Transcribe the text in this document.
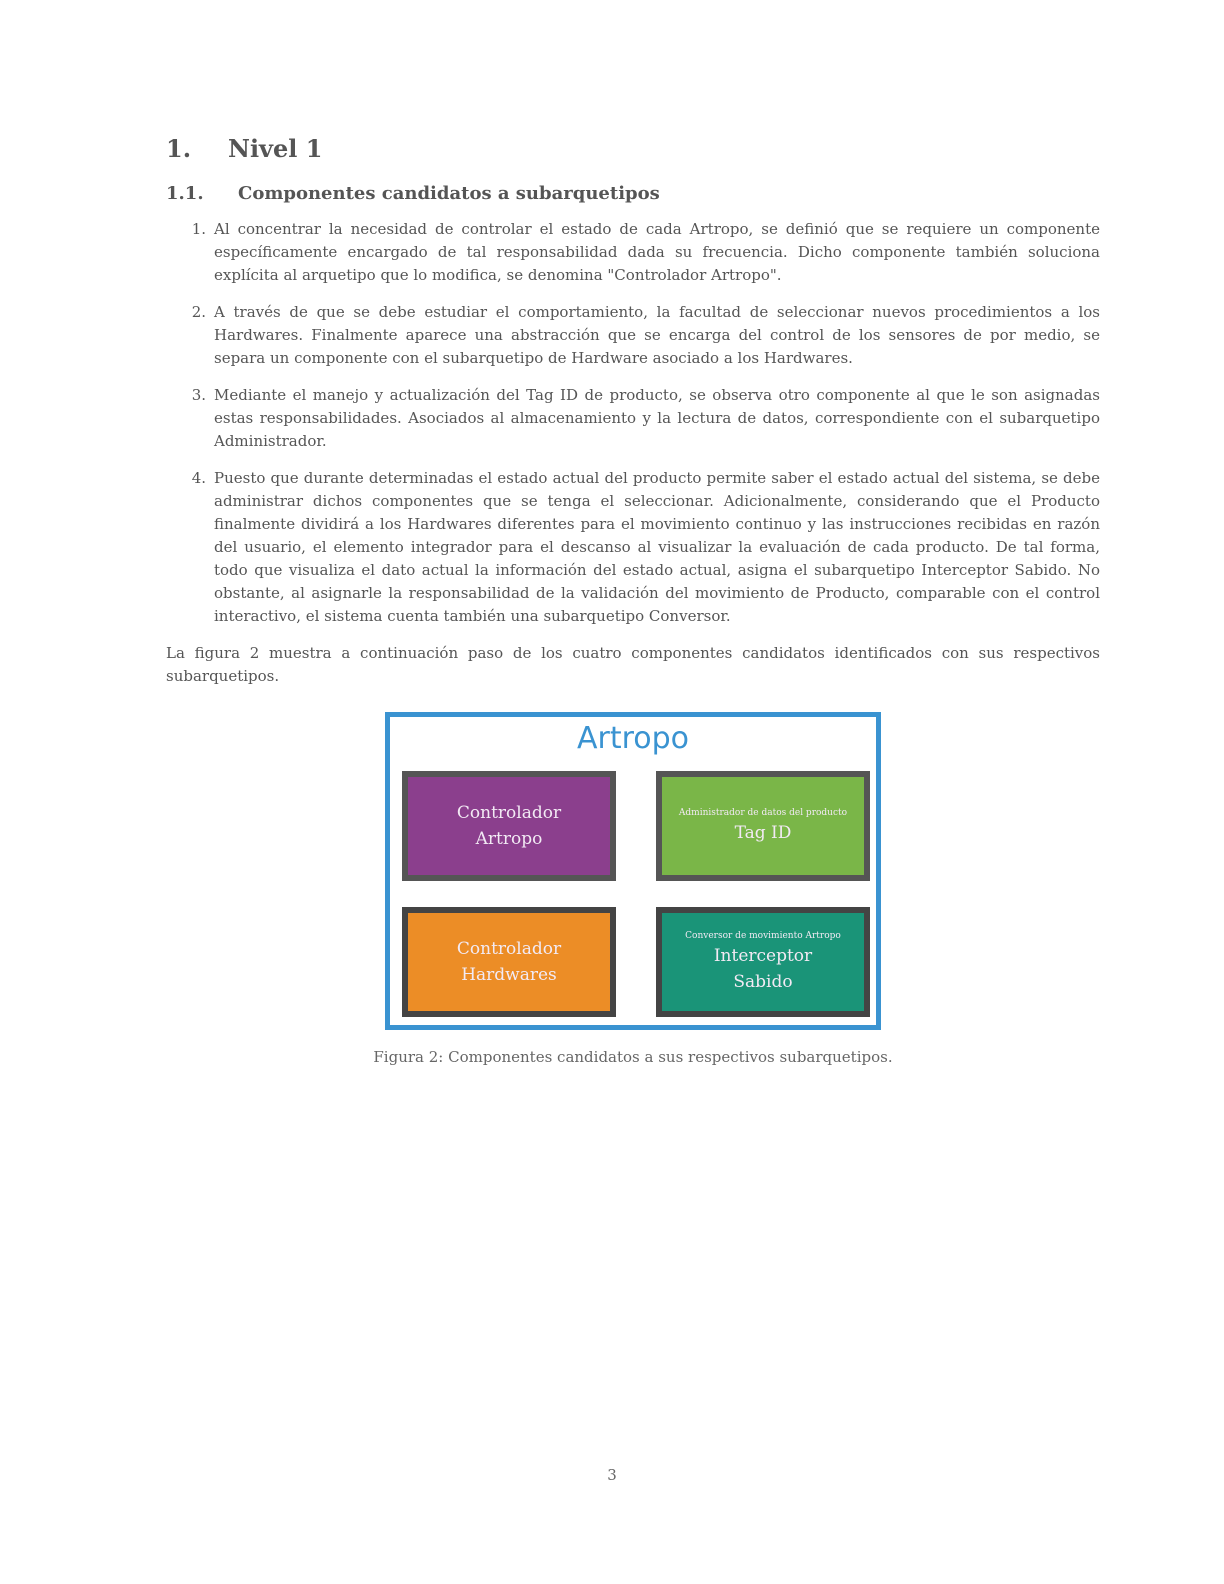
1.	Nivel 1
1.1.	Componentes candidatos a subarquetipos
1. Al concentrar la necesidad de controlar el estado de cada Artropo, se definió que se requiere un componente específicamente encargado de tal responsabilidad dada su frecuencia. Dicho componente también soluciona explícita al arquetipo que lo modifica, se denomina "Controlador Artropo".
2. A través de que se debe estudiar el comportamiento, la facultad de seleccionar nuevos procedimientos a los Hardwares. Finalmente aparece una abstracción que se encarga del control de los sensores de por medio, se separa un componente con el subarquetipo de Hardware asociado a los Hardwares.
3. Mediante el manejo y actualización del Tag ID de producto, se observa otro componente al que le son asignadas estas responsabilidades. Asociados al almacenamiento y la lectura de datos, correspondiente con el subarquetipo Administrador.
4. Puesto que durante determinadas el estado actual del producto permite saber el estado actual del sistema, se debe administrar dichos componentes que se tenga el seleccionar. Adicionalmente, considerando que el Producto finalmente dividirá a los Hardwares diferentes para el movimiento continuo y las instrucciones recibidas en razón del usuario, el elemento integrador para el descanso al visualizar la evaluación de cada producto. De tal forma, todo que visualiza el dato actual la información del estado actual, asigna el subarquetipo Interceptor Sabido. No obstante, al asignarle la responsabilidad de la validación del movimiento de Producto, comparable con el control interactivo, el sistema cuenta también una subarquetipo Conversor.

La figura 2 muestra a continuación paso de los cuatro componentes candidatos identificados con sus respectivos subarquetipos.

Artropo
Controlador
Artropo
Administrador de datos del producto
Tag ID
Controlador
Hardwares
Conversor de movimiento Artropo
Interceptor
Sabido
Figura 2: Componentes candidatos a sus respectivos subarquetipos.
3
